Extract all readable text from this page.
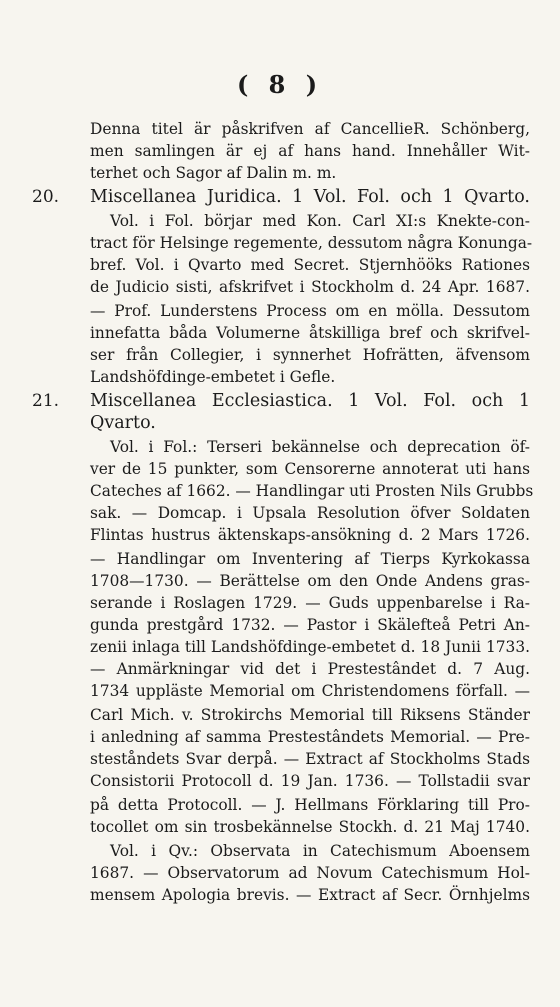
( 8 )
Denna titel är påskrifven af CancellieR. Schönberg,
men samlingen är ej af hans hand. Innehåller Wit-
terhet och Sagor af Dalin m. m.
Miscellanea Juridica. 1 Vol. Fol. och 1 Qvarto.
20.
Vol. i Fol. börjar med Kon. Carl XI:s Knekte-con-
tract för Helsinge regemente, dessutom några Konunga-
bref. Vol. i Qvarto med Secret. Stjernhööks Rationes
de Judicio sisti, afskrifvet i Stockholm d. 24 Apr. 1687.
— Prof. Lunderstens Process om en mölla. Dessutom
innefatta båda Volumerne åtskilliga bref och skrifvel-
ser från Collegier, i synnerhet Hofrätten, äfvensom
Landshöfdinge-embetet i Gefle.
Miscellanea Ecclesiastica. 1 Vol. Fol. och 1
21.
Qvarto.
Vol. i Fol.: Terseri bekännelse och deprecation öf-
ver de 15 punkter, som Censorerne annoterat uti hans
Cateches af 1662. — Handlingar uti Prosten Nils Grubbs
sak. — Domcap. i Upsala Resolution öfver Soldaten
Flintas hustrus äktenskaps-ansökning d. 2 Mars 1726.
— Handlingar om Inventering af Tierps Kyrkokassa
1708—1730. — Berättelse om den Onde Andens gras-
serande i Roslagen 1729. — Guds uppenbarelse i Ra-
gunda prestgård 1732. — Pastor i Skälefteå Petri An-
zenii inlaga till Landshöfdinge-embetet d. 18 Junii 1733.
— Anmärkningar vid det i Prestestândet d. 7 Aug.
1734 uppläste Memorial om Christendomens förfall. —
Carl Mich. v. Strokirchs Memorial till Riksens Ständer
i anledning af samma Prestestândets Memorial. — Pre-
steståndets Svar derpå. — Extract af Stockholms Stads
Consistorii Protocoll d. 19 Jan. 1736. — Tollstadii svar
på detta Protocoll. — J. Hellmans Förklaring till Pro-
tocollet om sin trosbekännelse Stockh. d. 21 Maj 1740.
Vol. i Qv.: Observata in Catechismum Aboensem
1687. — Observatorum ad Novum Catechismum Hol-
mensem Apologia brevis. — Extract af Secr. Örnhjelms
